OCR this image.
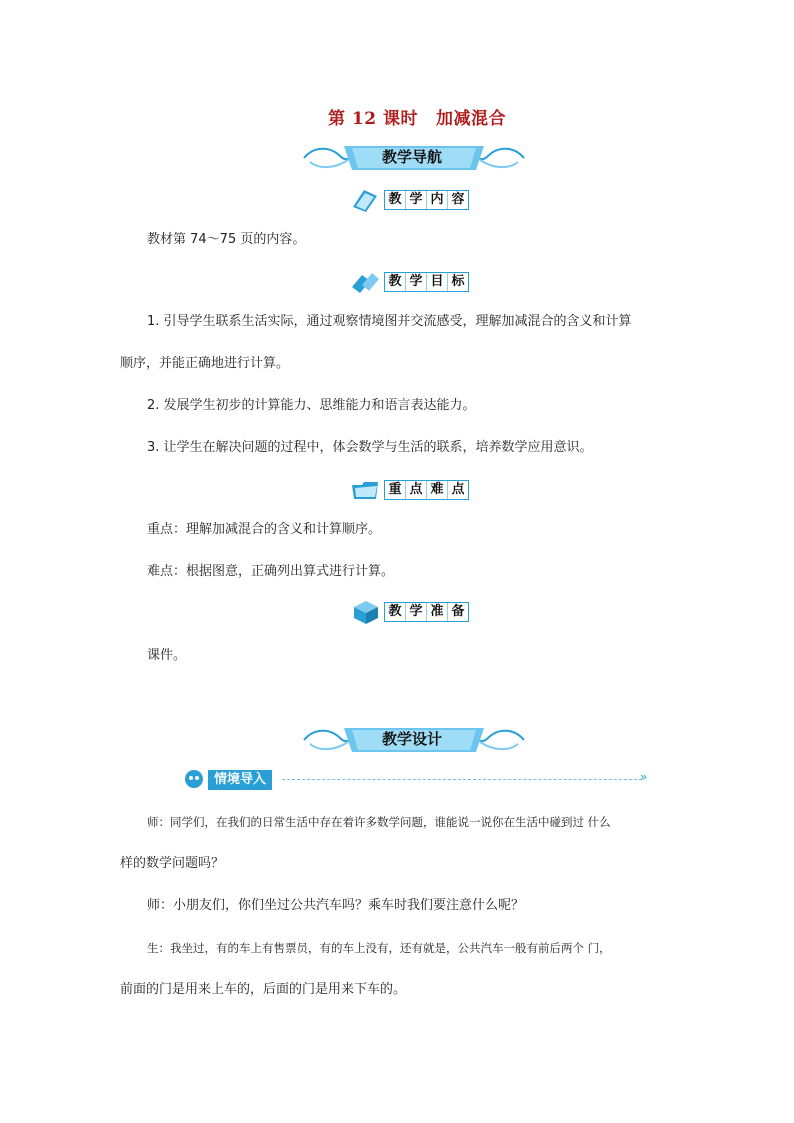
第 12 课时 加减混合
教学导航
教 学 内 容
教材第 74～75 页的内容。
教 学 目 标
1. 引导学生联系生活实际，通过观察情境图并交流感受，理解加减混合的含义和计算
顺序，并能正确地进行计算。
2. 发展学生初步的计算能力、思维能力和语言表达能力。
3. 让学生在解决问题的过程中，体会数学与生活的联系，培养数学应用意识。
重 点 难 点
重点：理解加减混合的含义和计算顺序。
难点：根据图意，正确列出算式进行计算。
教 学 准 备
课件。
教学设计
情境导入	»
师：同学们，在我们的日常生活中存在着许多数学问题，谁能说一说你在生活中碰到过 什么
样的数学问题吗？
师：小朋友们，你们坐过公共汽车吗？乘车时我们要注意什么呢？
生：我坐过，有的车上有售票员，有的车上没有，还有就是，公共汽车一般有前后两个 门，
前面的门是用来上车的，后面的门是用来下车的。
